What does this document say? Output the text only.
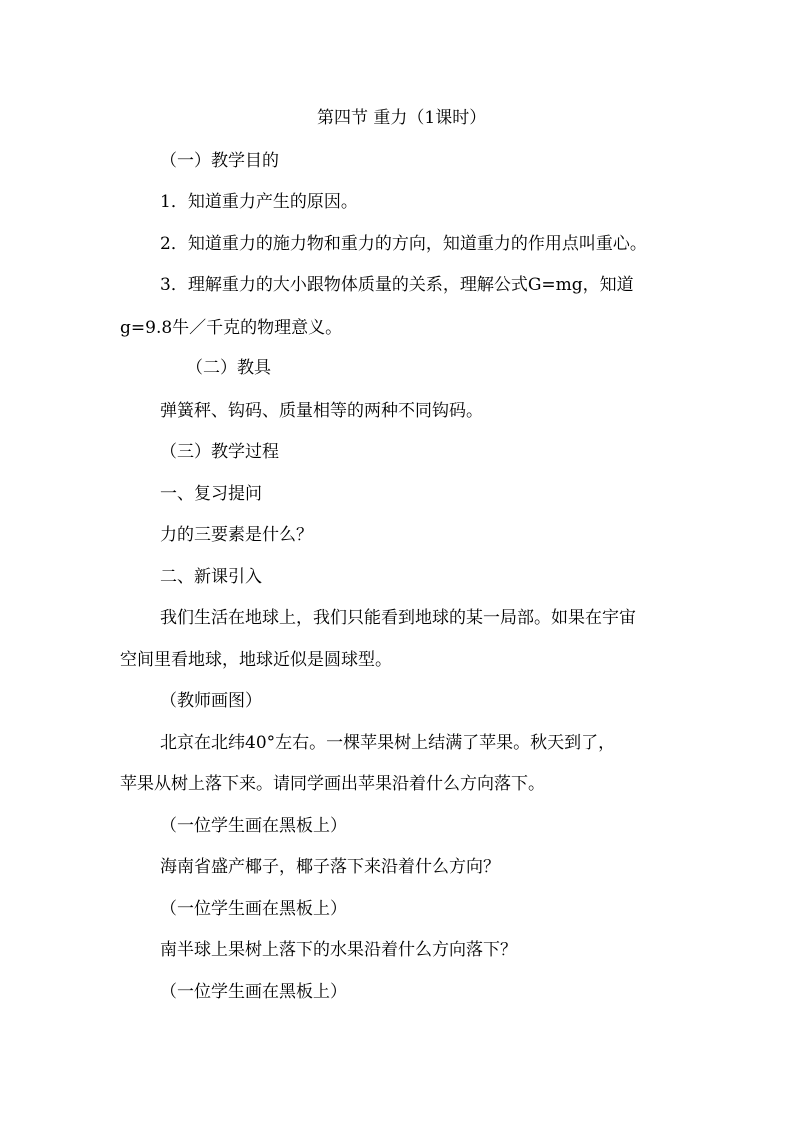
第四节 重力（1课时）
（一）教学目的
1．知道重力产生的原因。
2．知道重力的施力物和重力的方向，知道重力的作用点叫重心。
3．理解重力的大小跟物体质量的关系，理解公式G=mg，知道
g=9.8牛／千克的物理意义。
（二）教具
弹簧秤、钩码、质量相等的两种不同钩码。
（三）教学过程
一、复习提问
力的三要素是什么？
二、新课引入
我们生活在地球上，我们只能看到地球的某一局部。如果在宇宙
空间里看地球，地球近似是圆球型。
（教师画图）
北京在北纬40°左右。一棵苹果树上结满了苹果。秋天到了，
苹果从树上落下来。请同学画出苹果沿着什么方向落下。
（一位学生画在黑板上）
海南省盛产椰子，椰子落下来沿着什么方向？
（一位学生画在黑板上）
南半球上果树上落下的水果沿着什么方向落下？
（一位学生画在黑板上）
